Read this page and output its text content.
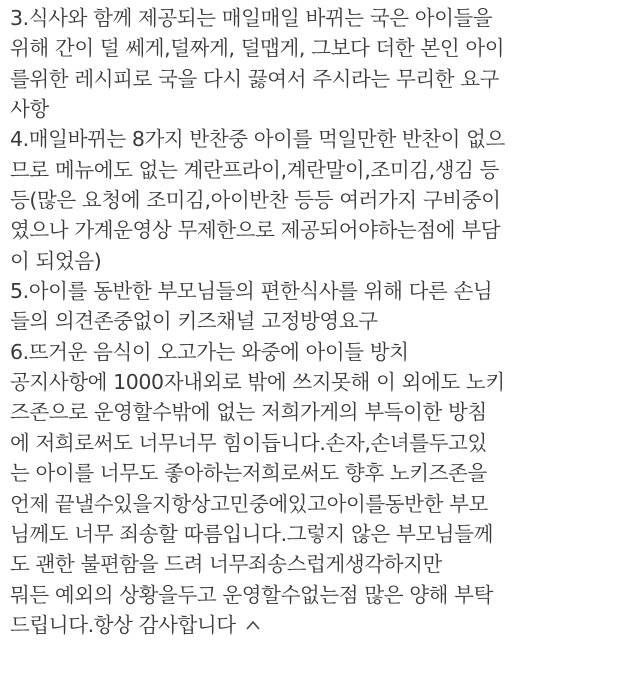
3.식사와 함께 제공되는 매일매일 바뀌는 국은 아이들을
위해 간이 덜 쎄게,덜짜게, 덜맵게, 그보다 더한 본인 아이
를위한 레시피로 국을 다시 끓여서 주시라는 무리한 요구
사항
4.매일바뀌는 8가지 반찬중 아이를 먹일만한 반찬이 없으
므로 메뉴에도 없는 계란프라이,계란말이,조미김,생김 등
등(많은 요청에 조미김,아이반찬 등등 여러가지 구비중이
였으나 가계운영상 무제한으로 제공되어야하는점에 부담
이 되었음)
5.아이를 동반한 부모님들의 편한식사를 위해 다른 손님
들의 의견존중없이 키즈채널 고정방영요구
6.뜨거운 음식이 오고가는 와중에 아이들 방치
공지사항에 1000자내외로 밖에 쓰지못해 이 외에도 노키
즈존으로 운영할수밖에 없는 저희가게의 부득이한 방침
에 저희로써도 너무너무 힘이듭니다.손자,손녀를두고있
는 아이를 너무도 좋아하는저희로써도 향후 노키즈존을
언제 끝낼수있을지항상고민중에있고아이를동반한 부모
님께도 너무 죄송할 따름입니다.그렇지 않은 부모님들께
도 괜한 불편함을 드려 너무죄송스럽게생각하지만
뭐든 예외의 상황을두고 운영할수없는점 많은 양해 부탁
드립니다.항상 감사합니다
